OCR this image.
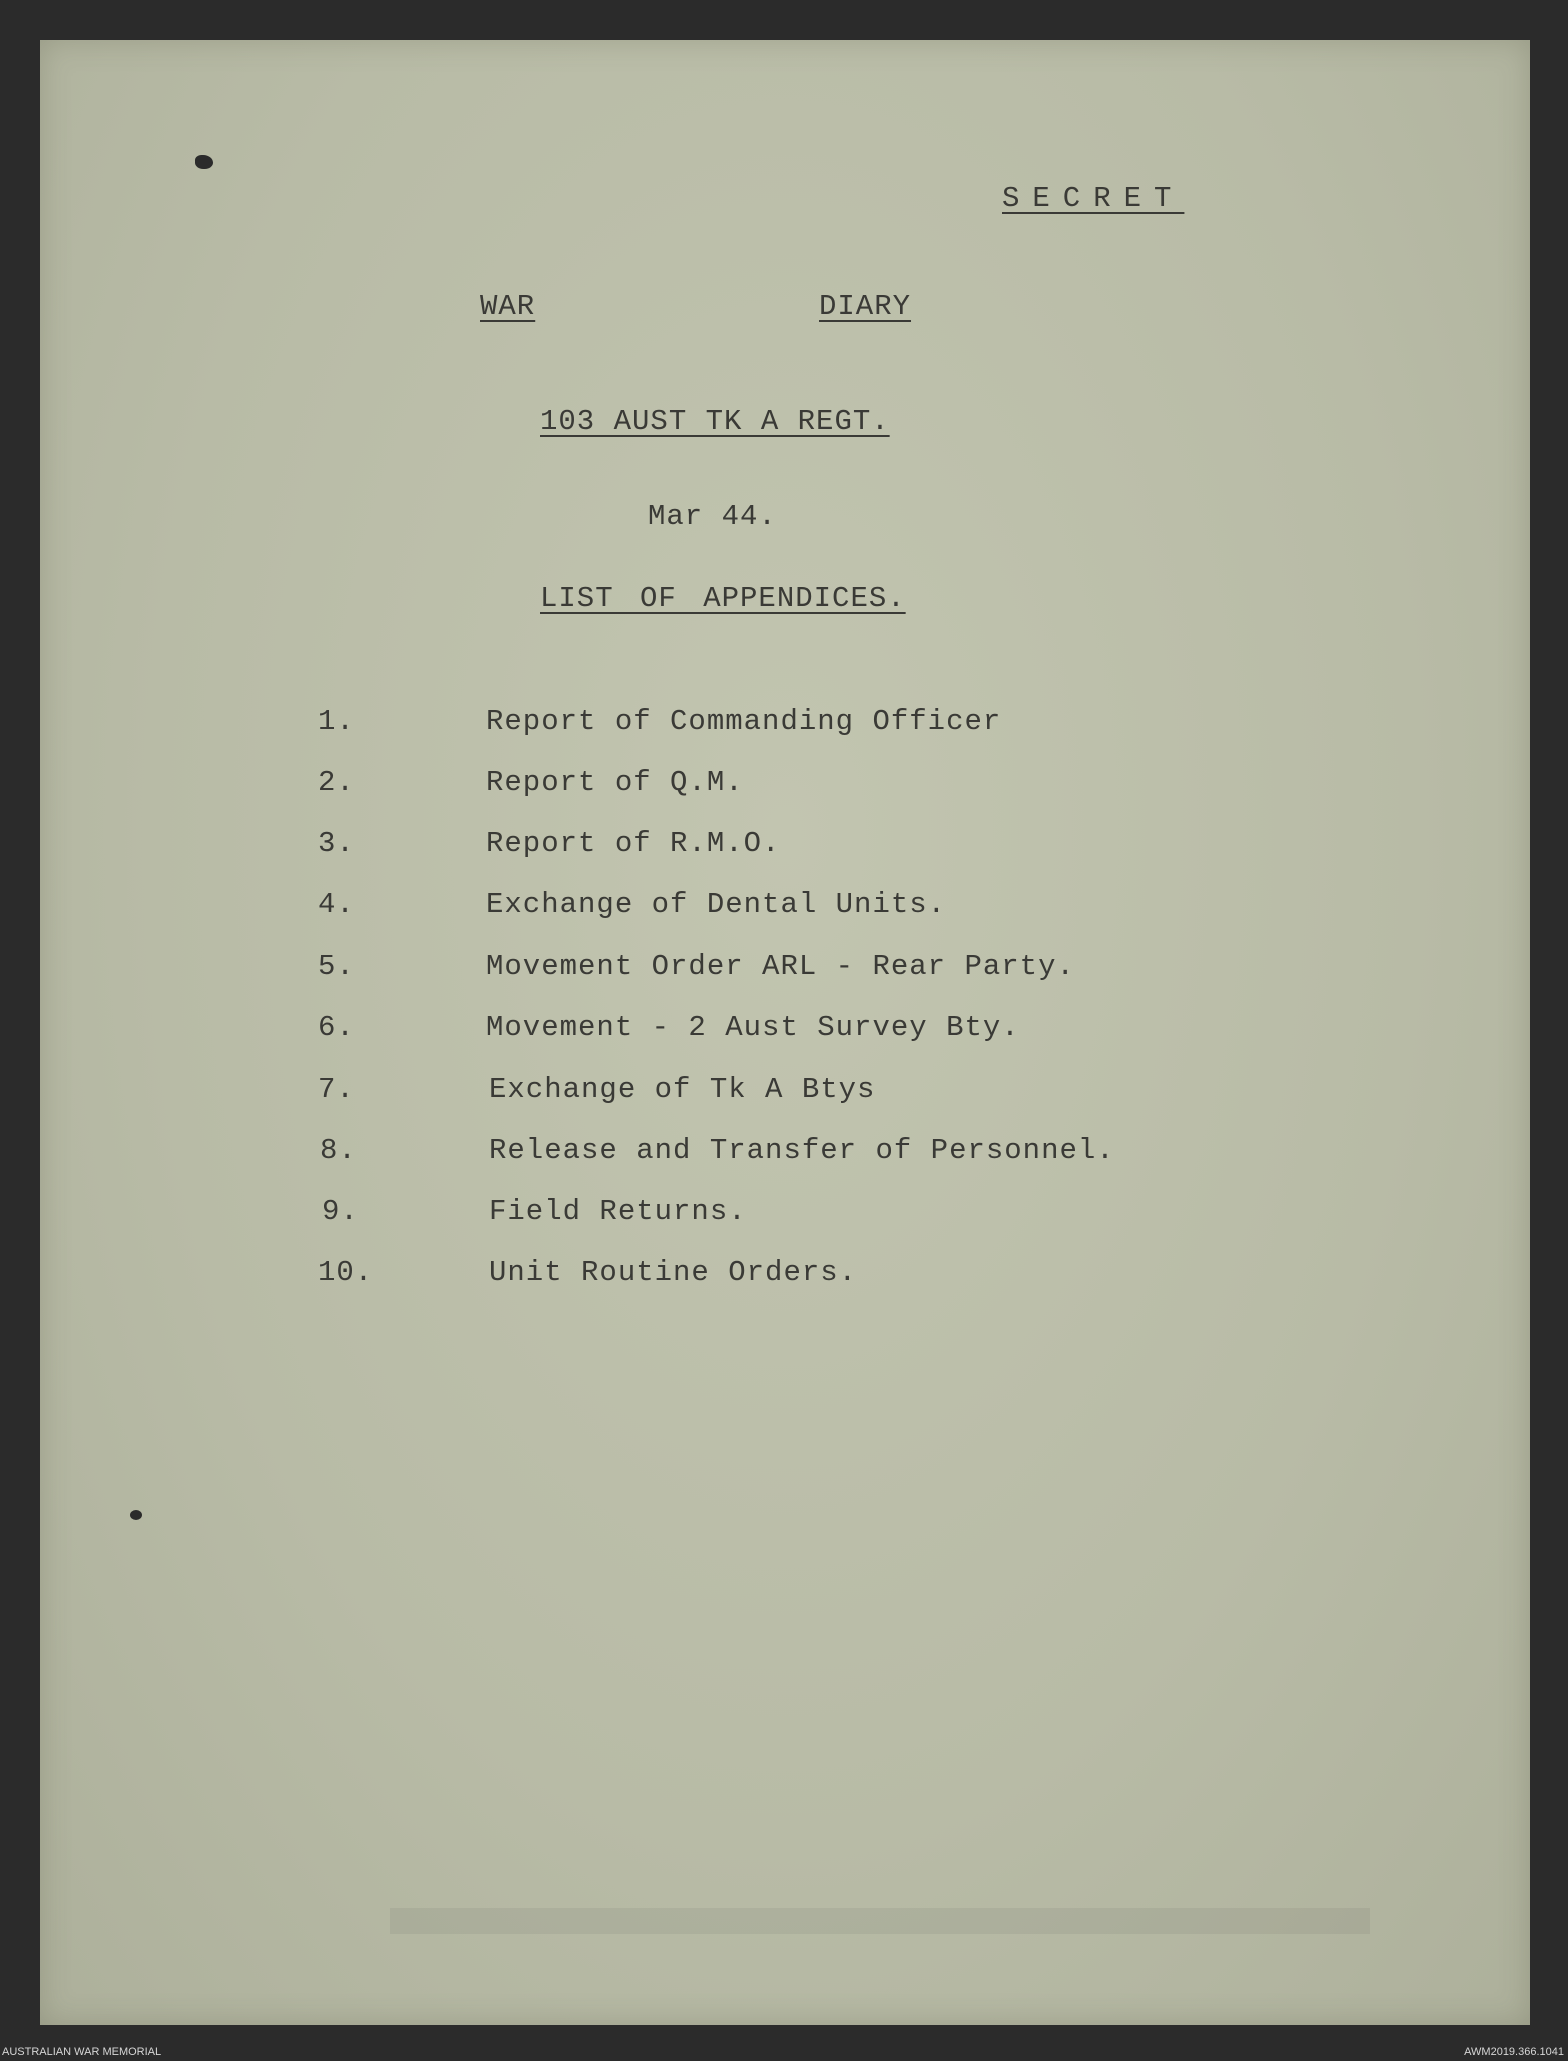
SECRET

WAR	DIARY

103 AUST TK A REGT.

Mar 44.

LIST OF APPENDICES.

1.	Report of Commanding Officer

2.	Report of Q.M.

3.	Report of R.M.O.

4.	Exchange of Dental Units.

5.	Movement Order ARL - Rear Party.

6.	Movement - 2 Aust Survey Bty.

7.	Exchange of Tk A Btys

8.	Release and Transfer of Personnel.

9.	Field Returns.

10.	Unit Routine Orders.

AUSTRALIAN WAR MEMORIAL	AWM2019.366.1041
